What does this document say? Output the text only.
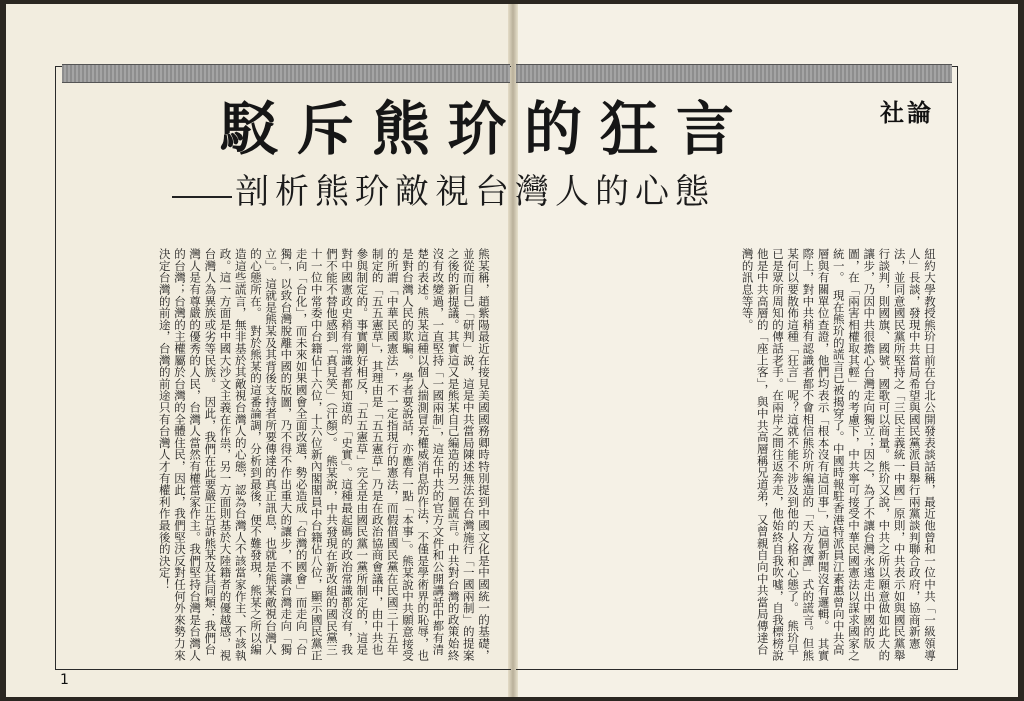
駁斥熊玠的狂言
剖析熊玠敵視台灣人的心態
社論
紐約大學教授熊玠日前在台北公開發表談話稱，最近他曾和一位中共「一級領導人」長談，發現中共當局希望與國民黨派員舉行兩黨談判聯合政府，協商新憲法，並同意國民黨所堅持之「三民主義統一中國」原則，中共表示如與國民黨舉行談判，則國旗、國號、國歌可以商量。熊玠又說，中共之所以願意做如此大的讓步，乃因中共很擔心台灣走向獨立；因之，為了不讓台灣永遠走出中國的版圖，在「兩害相權取其輕」的考慮下，中共寧可接受中華民國憲法以謀求國家之統一。　現在熊玠的謊言已被揭穿了。中國時報駐香港特派員江素惠曾向中共高層與有關單位查證，他們均表示「根本沒有這回事」，這個新聞沒有邏輯。　其實際上，對中共稍有認識者都不會相信熊玠所編造的「天方夜譚」式的謊言。但熊某何以要散佈這種「狂言」呢？這就不能不涉及到他的人格和心態了。　熊玠早已是眾所周知的傳話老手。在兩岸之間往返奔走，他始終自我吹噓，自我標榜說他是中共高層的「座上客」，與中共高層稱兄道弟，又曾親自向中共當局傳達台灣的訊息等等。
熊某稱，趙紫陽最近在接見美國國務卿時特別提到中國文化是中國統一的基礎，並從而自己「研判」說，這是中共當局陳述無法在台灣施行「一國兩制」的提案之後的新提議。其實這又是熊某自己編造的另一個謊言。中共對台灣的政策始終沒有改變過，一直堅持「一國兩制」，這在中共的官方文件和公開講話中都有清楚的表述。熊某這種以個人揣測冒充權威消息的作法，不僅是學術界的恥辱，也是對台灣人民的欺騙。　學者要說話，亦應有一點「本事」。熊某說中共願意接受的所謂「中華民國憲法」，不一定指現行的憲法，而假借國民黨在民國三十五年制定的「五五憲草」，其理由是「五五憲草」乃是在政治協商會議中，由中共也參與制定的。事實剛好相反，「五五憲草」完全是由國民黨一黨所制定的，這是對中國憲政史稍有常識者都知道的「史實」。這種最起碼的政治常識都沒有，我們不能不替他感到「真見笑」（汗顏）。　熊某說，中共發現在新改組的國民黨三十一位中常委中台籍佔十六位，十六位新內閣閣員中台籍佔八位，顯示國民黨正走向「台化」，而未來如果國會全面改選，勢必造成「台灣的國會」而走向「台獨」，以致台灣脫離中國的版圖，乃不得不作出重大的讓步，不讓台灣走向「獨立」。這就是熊某及其背後支持者所要傳達的真正訊息，也就是熊某敵視台灣人的心態所在。　對於熊某的這番論調，分析到最後，便不難發現，熊某之所以編造這些謊言，無非基於其敵視台灣人的心態，認為台灣人不該當家作主、不該執政。這一方面是中國大沙文主義在作祟，另一方面則基於大陸籍者的優越感，視台灣人為異族或劣等民族。　因此，我們在此要嚴正告訴熊某及其同類：我們台灣人是有尊嚴的優秀的人民，台灣人當然有權當家作主。我們堅持台灣是台灣人的台灣；台灣的主權屬於台灣的全體住民，因此，我們堅決反對任何外來勢力來決定台灣的前途，台灣的前途只有台灣人才有權利作最後的決定！
1
